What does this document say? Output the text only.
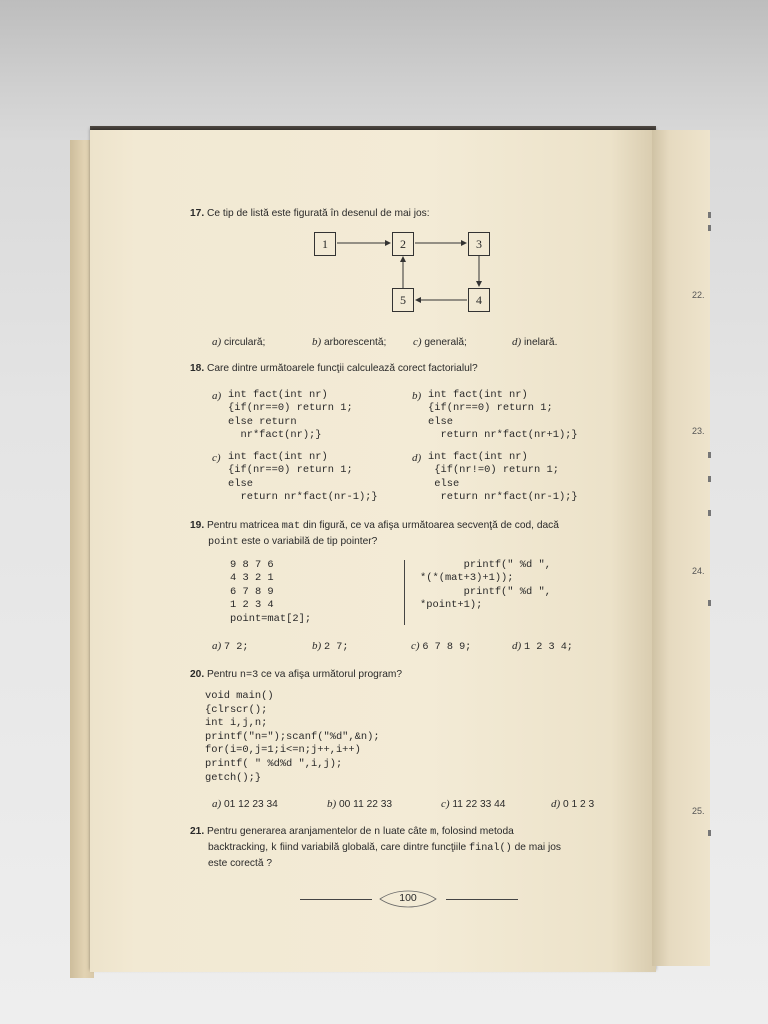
22.
23.
24.
25.
17. Ce tip de listă este figurată în desenul de mai jos:
1	2	3
4
5
a) circulară;	b) arborescentă; c) generală;	d) inelară.
18. Care dintre următoarele funcţii calculează corect factorialul?
a) int fact(int nr)
{if(nr==0) return 1;
else return
nr*fact(nr);}
b) int fact(int nr)
{if(nr==0) return 1;
else
return nr*fact(nr+1);}
c) int fact(int nr)
{if(nr==0) return 1;
else
return nr*fact(nr-1);}
d) int fact(int nr)
{if(nr!=0) return 1;
else
return nr*fact(nr-1);}
19. Pentru matricea mat din figură, ce va afişa următoarea secvenţă de cod, dacă
point este o variabilă de tip pointer?
9 8 7 6
4 3 2 1
6 7 8 9
1 2 3 4
point=mat[2];
printf(" %d ",
*(*(mat+3)+1));
printf(" %d ",
*point+1);
a) 7 2;	b) 2 7;	c) 6 7 8 9;	d) 1 2 3 4;
20. Pentru n=3 ce va afişa următorul program?
void main()
{clrscr();
int i,j,n;
printf("n=");scanf("%d",&n);
for(i=0,j=1;i<=n;j++,i++)
printf( " %d%d ",i,j);
getch();}
a) 01 12 23 34	b) 00 11 22 33	c) 11 22 33 44	d) 0 1 2 3
21. Pentru generarea aranjamentelor de n luate câte m, folosind metoda
backtracking, k fiind variabilă globală, care dintre funcţiile final() de mai jos
este corectă ?
100
